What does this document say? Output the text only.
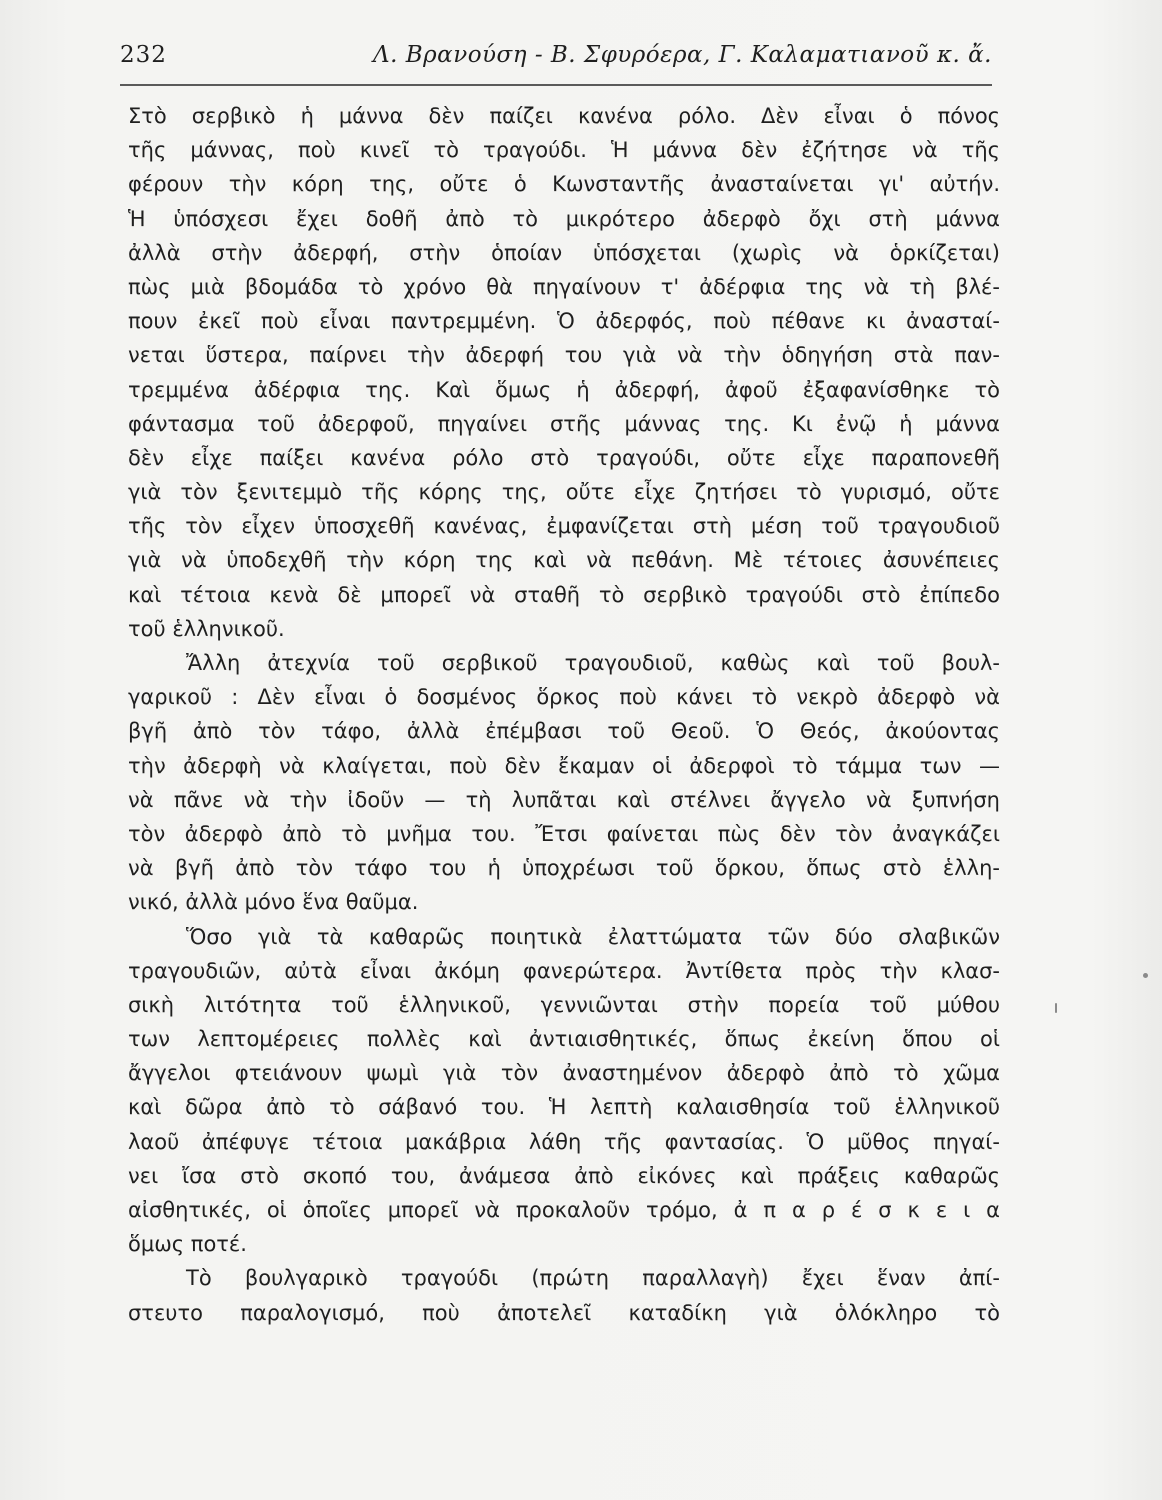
232	Λ. Βρανούση - Β. Σφυρόερα, Γ. Καλαματιανοῦ κ. ἄ.
Στὸ σερβικὸ ἡ μάννα δὲν παίζει κανένα ρόλο. Δὲν εἶναι ὁ πόνος
τῆς μάννας, ποὺ κινεῖ τὸ τραγούδι. Ἡ μάννα δὲν ἐζήτησε νὰ τῆς
φέρουν τὴν κόρη της, οὔτε ὁ Κωνσταντῆς ἀνασταίνεται γι' αὐτήν.
Ἡ ὑπόσχεσι ἔχει δοθῆ ἀπὸ τὸ μικρότερο ἀδερφὸ ὄχι στὴ μάννα
ἀλλὰ στὴν ἀδερφή, στὴν ὁποίαν ὑπόσχεται (χωρὶς νὰ ὁρκίζεται)
πὼς μιὰ βδομάδα τὸ χρόνο θὰ πηγαίνουν τ' ἀδέρφια της νὰ τὴ βλέ-
πουν ἐκεῖ ποὺ εἶναι παντρεμμένη. Ὁ ἀδερφός, ποὺ πέθανε κι ἀνασταί-
νεται ὕστερα, παίρνει τὴν ἀδερφή του γιὰ νὰ τὴν ὁδηγήση στὰ παν-
τρεμμένα ἀδέρφια της. Καὶ ὅμως ἡ ἀδερφή, ἀφοῦ ἐξαφανίσθηκε τὸ
φάντασμα τοῦ ἀδερφοῦ, πηγαίνει στῆς μάννας της. Κι ἐνῷ ἡ μάννα
δὲν εἶχε παίξει κανένα ρόλο στὸ τραγούδι, οὔτε εἶχε παραπονεθῆ
γιὰ τὸν ξενιτεμμὸ τῆς κόρης της, οὔτε εἶχε ζητήσει τὸ γυρισμό, οὔτε
τῆς τὸν εἶχεν ὑποσχεθῆ κανένας, ἐμφανίζεται στὴ μέση τοῦ τραγουδιοῦ
γιὰ νὰ ὑποδεχθῆ τὴν κόρη της καὶ νὰ πεθάνη. Μὲ τέτοιες ἀσυνέπειες
καὶ τέτοια κενὰ δὲ μπορεῖ νὰ σταθῆ τὸ σερβικὸ τραγούδι στὸ ἐπίπεδο
τοῦ ἑλληνικοῦ.
Ἄλλη ἀτεχνία τοῦ σερβικοῦ τραγουδιοῦ, καθὼς καὶ τοῦ βουλ-
γαρικοῦ : Δὲν εἶναι ὁ δοσμένος ὅρκος ποὺ κάνει τὸ νεκρὸ ἀδερφὸ νὰ
βγῆ ἀπὸ τὸν τάφο, ἀλλὰ ἐπέμβασι τοῦ Θεοῦ. Ὁ Θεός, ἀκούοντας
τὴν ἀδερφὴ νὰ κλαίγεται, ποὺ δὲν ἔκαμαν οἱ ἀδερφοὶ τὸ τάμμα των —
νὰ πᾶνε νὰ τὴν ἰδοῦν — τὴ λυπᾶται καὶ στέλνει ἄγγελο νὰ ξυπνήση
τὸν ἀδερφὸ ἀπὸ τὸ μνῆμα του. Ἔτσι φαίνεται πὼς δὲν τὸν ἀναγκάζει
νὰ βγῆ ἀπὸ τὸν τάφο του ἡ ὑποχρέωσι τοῦ ὅρκου, ὅπως στὸ ἑλλη-
νικό, ἀλλὰ μόνο ἕνα θαῦμα.
Ὅσο γιὰ τὰ καθαρῶς ποιητικὰ ἐλαττώματα τῶν δύο σλαβικῶν
τραγουδιῶν, αὐτὰ εἶναι ἀκόμη φανερώτερα. Ἀντίθετα πρὸς τὴν κλασ-
σικὴ λιτότητα τοῦ ἑλληνικοῦ, γεννιῶνται στὴν πορεία τοῦ μύθου
των λεπτομέρειες πολλὲς καὶ ἀντιαισθητικές, ὅπως ἐκείνη ὅπου οἱ
ἄγγελοι φτειάνουν ψωμὶ γιὰ τὸν ἀναστημένον ἀδερφὸ ἀπὸ τὸ χῶμα
καὶ δῶρα ἀπὸ τὸ σάβανό του. Ἡ λεπτὴ καλαισθησία τοῦ ἑλληνικοῦ
λαοῦ ἀπέφυγε τέτοια μακάβρια λάθη τῆς φαντασίας. Ὁ μῦθος πηγαί-
νει ἴσα στὸ σκοπό του, ἀνάμεσα ἀπὸ εἰκόνες καὶ πράξεις καθαρῶς
αἰσθητικές, οἱ ὁποῖες μπορεῖ νὰ προκαλοῦν τρόμο, ἀ π α ρ έ σ κ ε ι α
ὅμως ποτέ.
Τὸ βουλγαρικὸ τραγούδι (πρώτη παραλλαγὴ) ἔχει ἕναν ἀπί-
στευτο παραλογισμό, ποὺ ἀποτελεῖ καταδίκη γιὰ ὁλόκληρο τὸ
